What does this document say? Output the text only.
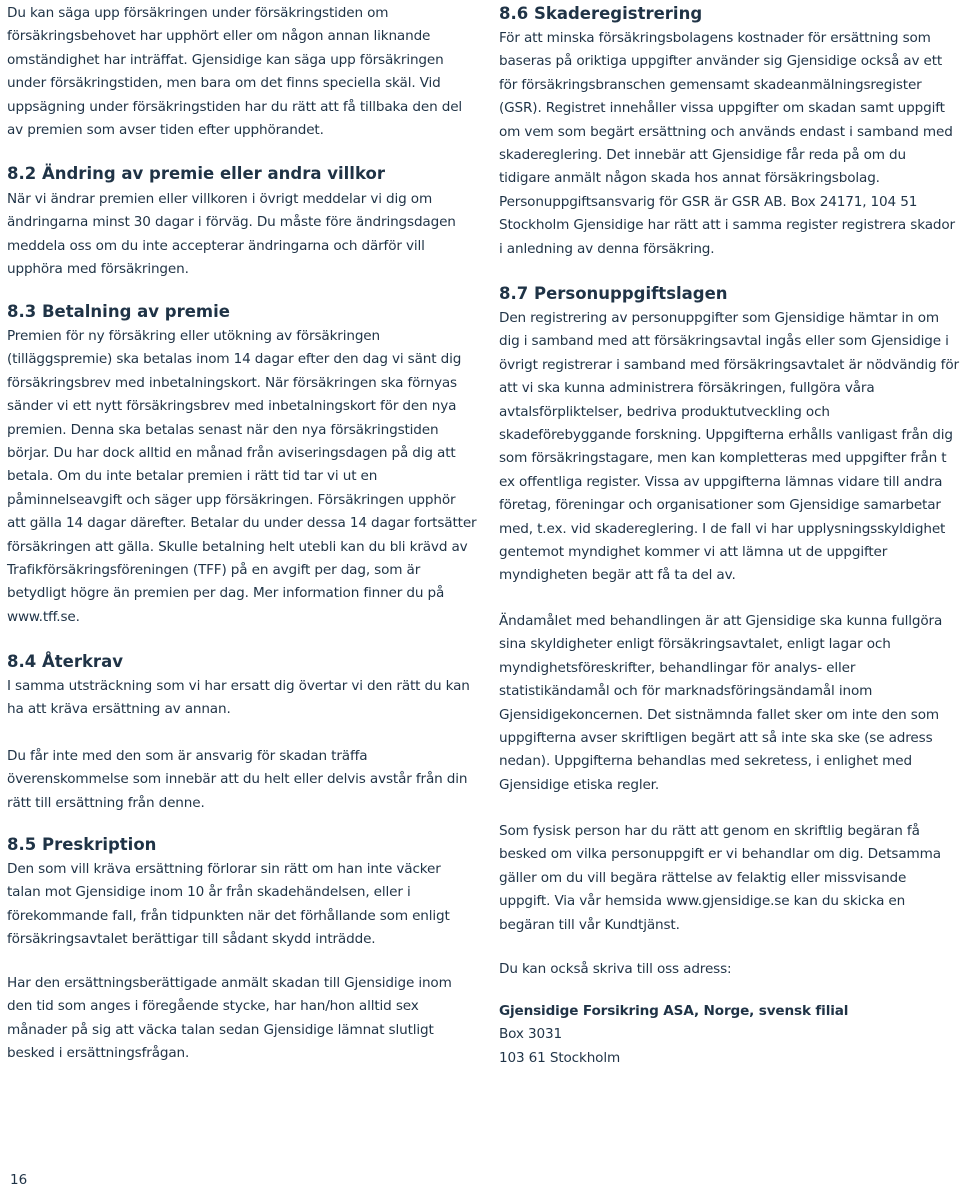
Du kan säga upp försäkringen under försäkringstiden om försäkringsbehovet har upphört eller om någon annan liknande omständighet har inträffat. Gjensidige kan säga upp försäkringen under försäkringstiden, men bara om det finns speciella skäl. Vid uppsägning under försäkringstiden har du rätt att få tillbaka den del av premien som avser tiden efter upphörandet.

8.2 Ändring av premie eller andra villkor

När vi ändrar premien eller villkoren i övrigt meddelar vi dig om ändringarna minst 30 dagar i förväg. Du måste före ändringsdagen meddela oss om du inte accepterar ändringarna och därför vill upphöra med försäkringen.

8.3 Betalning av premie

Premien för ny försäkring eller utökning av försäkringen (tilläggspremie) ska betalas inom 14 dagar efter den dag vi sänt dig försäkringsbrev med inbetalningskort. När försäkringen ska förnyas sänder vi ett nytt försäkringsbrev med inbetalningskort för den nya premien. Denna ska betalas senast när den nya försäkringstiden börjar. Du har dock alltid en månad från aviseringsdagen på dig att betala. Om du inte betalar premien i rätt tid tar vi ut en påminnelseavgift och säger upp försäkringen. Försäkringen upphör att gälla 14 dagar därefter. Betalar du under dessa 14 dagar fortsätter försäkringen att gälla. Skulle betalning helt utebli kan du bli krävd av Trafikförsäkringsföreningen (TFF) på en avgift per dag, som är betydligt högre än premien per dag. Mer information finner du på www.tff.se.

8.4 Återkrav

I samma utsträckning som vi har ersatt dig övertar vi den rätt du kan ha att kräva ersättning av annan.

Du får inte med den som är ansvarig för skadan träffa överenskommelse som innebär att du helt eller delvis avstår från din rätt till ersättning från denne.

8.5 Preskription

Den som vill kräva ersättning förlorar sin rätt om han inte väcker talan mot Gjensidige inom 10 år från skadehändelsen, eller i förekommande fall, från tidpunkten när det förhållande som enligt försäkringsavtalet berättigar till sådant skydd inträdde.

Har den ersättningsberättigade anmält skadan till Gjensidige inom den tid som anges i föregående stycke, har han/hon alltid sex månader på sig att väcka talan sedan Gjensidige lämnat slutligt besked i ersättningsfrågan.

8.6 Skaderegistrering

För att minska försäkringsbolagens kostnader för ersättning som baseras på oriktiga uppgifter använder sig Gjensidige också av ett för försäkringsbranschen gemensamt skadeanmälningsregister (GSR). Registret innehåller vissa uppgifter om skadan samt uppgift om vem som begärt ersättning och används endast i samband med skadereglering. Det innebär att Gjensidige får reda på om du tidigare anmält någon skada hos annat försäkringsbolag. Personuppgiftsansvarig för GSR är GSR AB. Box 24171, 104 51 Stockholm Gjensidige har rätt att i samma register registrera skador i anledning av denna försäkring.

8.7 Personuppgiftslagen

Den registrering av personuppgifter som Gjensidige hämtar in om dig i samband med att försäkringsavtal ingås eller som Gjensidige i övrigt registrerar i samband med försäkringsavtalet är nödvändig för att vi ska kunna administrera försäkringen, fullgöra våra avtalsförpliktelser, bedriva produktutveckling och skadeförebyggande forskning. Uppgifterna erhålls vanligast från dig som försäkringstagare, men kan kompletteras med uppgifter från t ex offentliga register. Vissa av uppgifterna lämnas vidare till andra företag, föreningar och organisationer som Gjensidige samarbetar med, t.ex. vid skadereglering. I de fall vi har upplysningsskyldighet gentemot myndighet kommer vi att lämna ut de uppgifter myndigheten begär att få ta del av.

Ändamålet med behandlingen är att Gjensidige ska kunna fullgöra sina skyldigheter enligt försäkringsavtalet, enligt lagar och myndighetsföreskrifter, behandlingar för analys- eller statistikändamål och för marknadsföringsändamål inom Gjensidigekoncernen. Det sistnämnda fallet sker om inte den som uppgifterna avser skriftligen begärt att så inte ska ske (se adress nedan). Uppgifterna behandlas med sekretess, i enlighet med Gjensidige etiska regler.

Som fysisk person har du rätt att genom en skriftlig begäran få besked om vilka personuppgift er vi behandlar om dig. Detsamma gäller om du vill begära rättelse av felaktig eller missvisande uppgift. Via vår hemsida www.gjensidige.se kan du skicka en begäran till vår Kundtjänst.

Du kan också skriva till oss adress:

Gjensidige Forsikring ASA, Norge, svensk filial

Box 3031

103 61 Stockholm

16
